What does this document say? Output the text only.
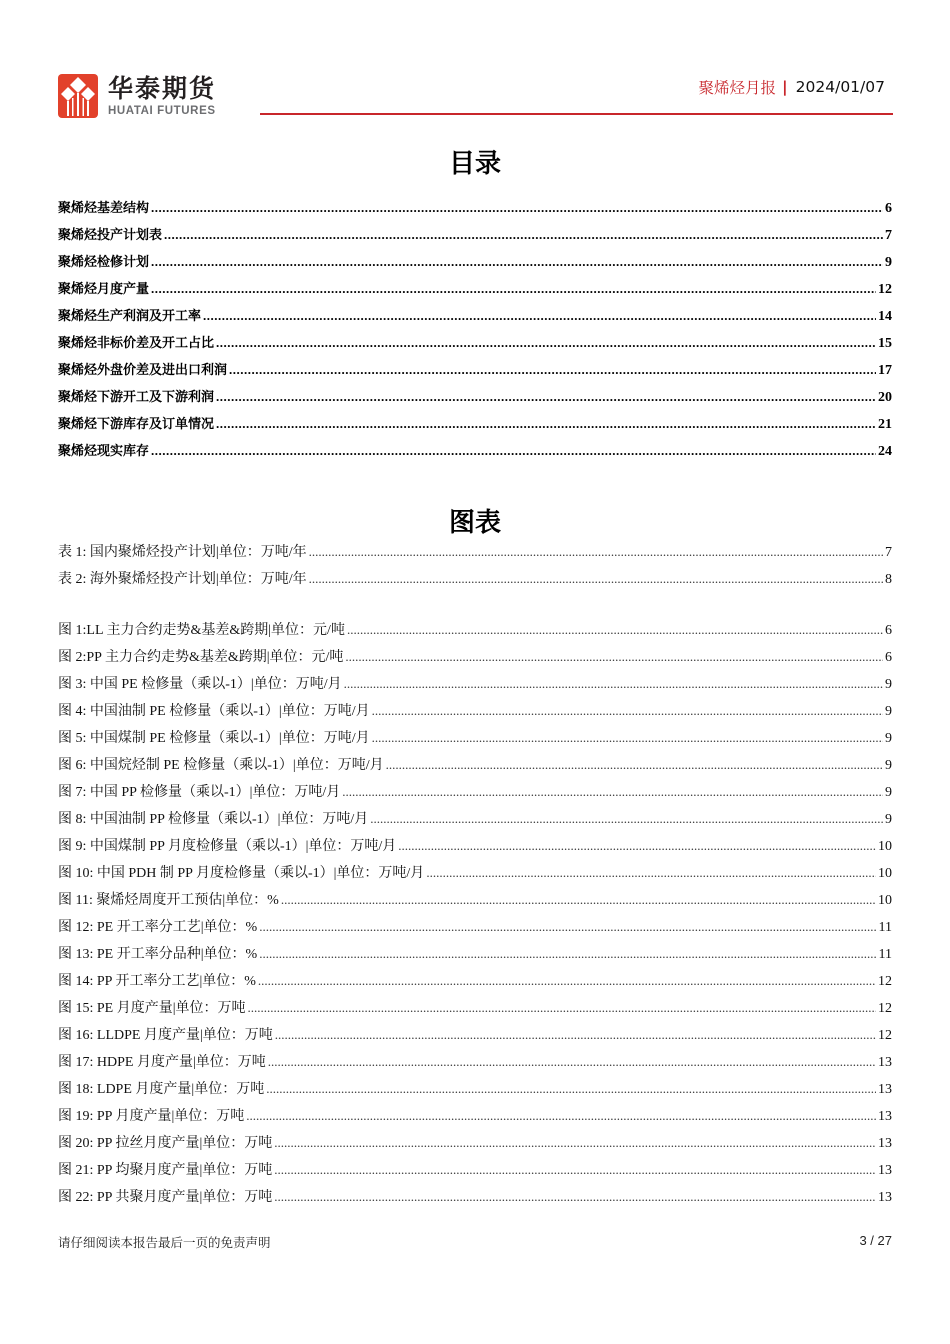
华泰期货
HUATAI FUTURES
聚烯烃月报 | 2024/01/07
目录
聚烯烃基差结构 .....	6
聚烯烃投产计划表 .....	7
聚烯烃检修计划 .....	9
聚烯烃月度产量 .....	12
聚烯烃生产利润及开工率 .....	14
聚烯烃非标价差及开工占比 .....	15
聚烯烃外盘价差及进出口利润 .....	17
聚烯烃下游开工及下游利润 .....	20
聚烯烃下游库存及订单情况 .....	21
聚烯烃现实库存 .....	24
图表
表 1: 国内聚烯烃投产计划|单位：万吨/年 .....	7
表 2: 海外聚烯烃投产计划|单位：万吨/年 .....	8
图 1:LL 主力合约走势&基差&跨期|单位：元/吨 .....	6
图 2:PP 主力合约走势&基差&跨期|单位：元/吨 .....	6
图 3: 中国 PE 检修量（乘以-1）|单位：万吨/月 .....	9
图 4: 中国油制 PE 检修量（乘以-1）|单位：万吨/月 .....	9
图 5: 中国煤制 PE 检修量（乘以-1）|单位：万吨/月 .....	9
图 6: 中国烷烃制 PE 检修量（乘以-1）|单位：万吨/月 .....	9
图 7: 中国 PP 检修量（乘以-1）|单位：万吨/月 .....	9
图 8: 中国油制 PP 检修量（乘以-1）|单位：万吨/月 .....	9
图 9: 中国煤制 PP 月度检修量（乘以-1）|单位：万吨/月 .....	10
图 10: 中国 PDH 制 PP 月度检修量（乘以-1）|单位：万吨/月 .....	10
图 11: 聚烯烃周度开工预估|单位：% .....	10
图 12: PE 开工率分工艺|单位：% .....	11
图 13: PE 开工率分品种|单位：% .....	11
图 14: PP 开工率分工艺|单位：% .....	12
图 15: PE 月度产量|单位：万吨 .....	12
图 16: LLDPE 月度产量|单位：万吨 .....	12
图 17: HDPE 月度产量|单位：万吨 .....	13
图 18: LDPE 月度产量|单位：万吨 .....	13
图 19: PP 月度产量|单位：万吨 .....	13
图 20: PP 拉丝月度产量|单位：万吨 .....	13
图 21: PP 均聚月度产量|单位：万吨 .....	13
图 22: PP 共聚月度产量|单位：万吨 .....	13
请仔细阅读本报告最后一页的免责声明	3 / 27
